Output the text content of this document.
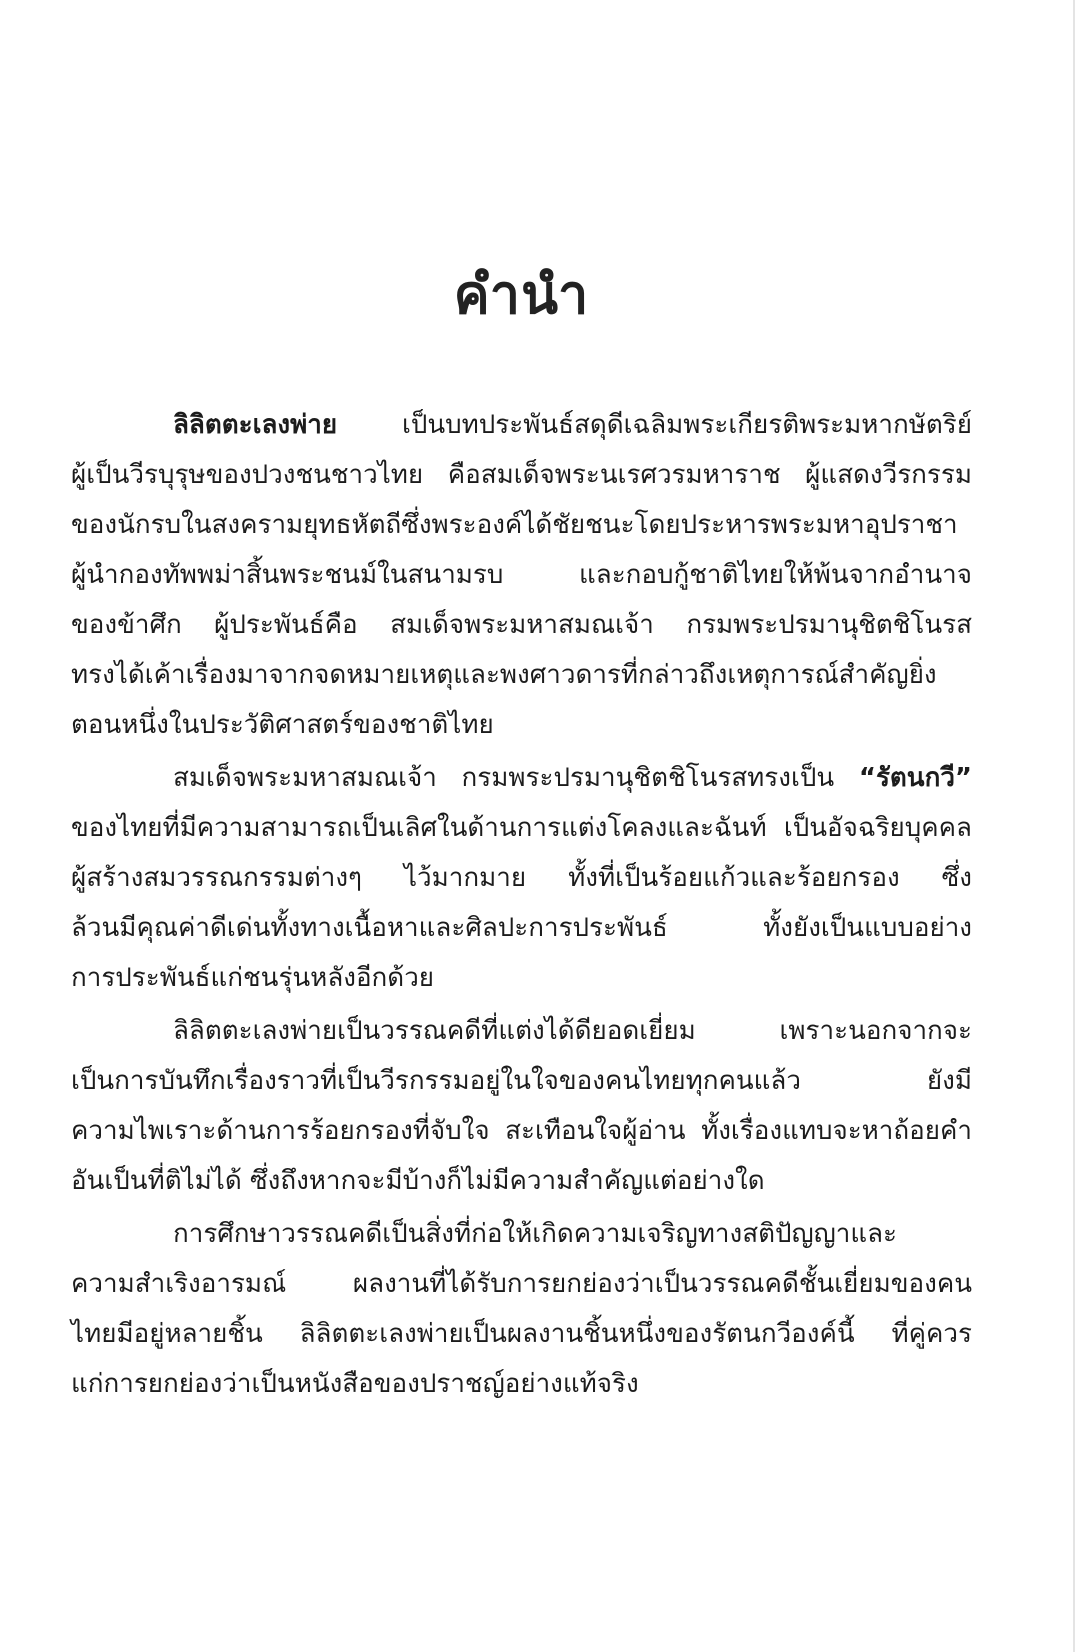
คำนำ
ลิลิตตะเลงพ่าย เป็นบทประพันธ์สดุดีเฉลิมพระเกียรติพระมหากษัตริย์
ผู้เป็นวีรบุรุษของปวงชนชาวไทย คือสมเด็จพระนเรศวรมหาราช ผู้แสดงวีรกรรม
ของนักรบในสงครามยุทธหัตถีซึ่งพระองค์ได้ชัยชนะโดยประหารพระมหาอุปราชา
ผู้นำกองทัพพม่าสิ้นพระชนม์ในสนามรบ และกอบกู้ชาติไทยให้พ้นจากอำนาจ
ของข้าศึก ผู้ประพันธ์คือ สมเด็จพระมหาสมณเจ้า กรมพระปรมานุชิตชิโนรส
ทรงได้เค้าเรื่องมาจากจดหมายเหตุและพงศาวดารที่กล่าวถึงเหตุการณ์สำคัญยิ่ง
ตอนหนึ่งในประวัติศาสตร์ของชาติไทย
สมเด็จพระมหาสมณเจ้า กรมพระปรมานุชิตชิโนรสทรงเป็น “รัตนกวี”
ของไทยที่มีความสามารถเป็นเลิศในด้านการแต่งโคลงและฉันท์ เป็นอัจฉริยบุคคล
ผู้สร้างสมวรรณกรรมต่างๆ ไว้มากมาย ทั้งที่เป็นร้อยแก้วและร้อยกรอง ซึ่ง
ล้วนมีคุณค่าดีเด่นทั้งทางเนื้อหาและศิลปะการประพันธ์ ทั้งยังเป็นแบบอย่าง
การประพันธ์แก่ชนรุ่นหลังอีกด้วย
ลิลิตตะเลงพ่ายเป็นวรรณคดีที่แต่งได้ดียอดเยี่ยม เพราะนอกจากจะ
เป็นการบันทึกเรื่องราวที่เป็นวีรกรรมอยู่ในใจของคนไทยทุกคนแล้ว ยังมี
ความไพเราะด้านการร้อยกรองที่จับใจ สะเทือนใจผู้อ่าน ทั้งเรื่องแทบจะหาถ้อยคำ
อันเป็นที่ติไม่ได้ ซึ่งถึงหากจะมีบ้างก็ไม่มีความสำคัญแต่อย่างใด
การศึกษาวรรณคดีเป็นสิ่งที่ก่อให้เกิดความเจริญทางสติปัญญาและ
ความสำเริงอารมณ์ ผลงานที่ได้รับการยกย่องว่าเป็นวรรณคดีชั้นเยี่ยมของคน
ไทยมีอยู่หลายชิ้น ลิลิตตะเลงพ่ายเป็นผลงานชิ้นหนึ่งของรัตนกวีองค์นี้ ที่คู่ควร
แก่การยกย่องว่าเป็นหนังสือของปราชญ์อย่างแท้จริง
